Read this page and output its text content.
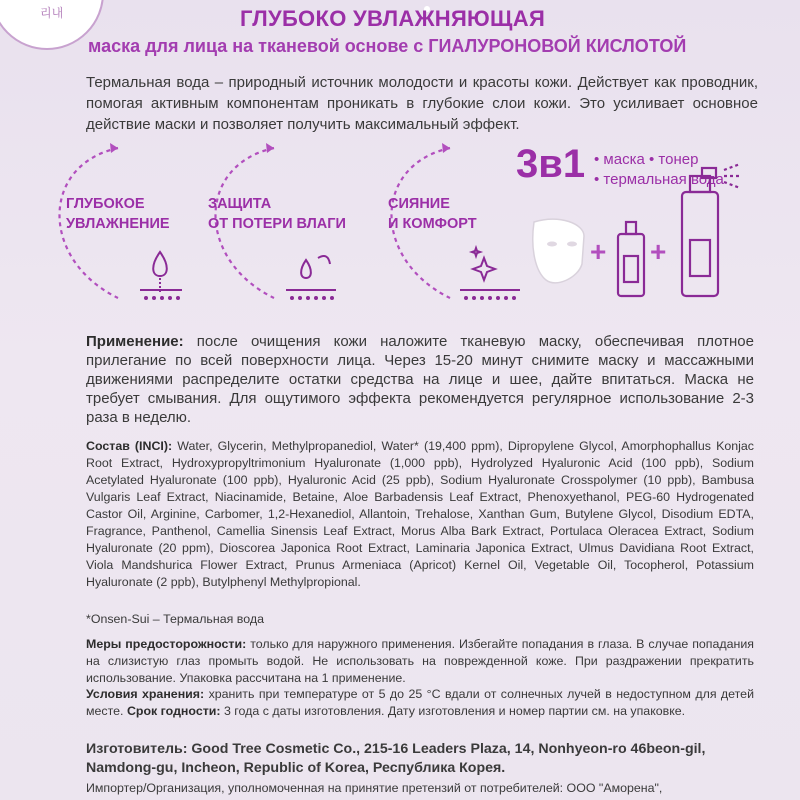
리내	ГЛУБОКО УВЛАЖНЯЮЩАЯ
маска для лица на тканевой основе с ГИАЛУРОНОВОЙ КИСЛОТОЙ
Термальная вода – природный источник молодости и красоты кожи. Действует как проводник, помогая активным компонентам проникать в глубокие слои кожи. Это усиливает основное действие маски и позволяет получить максимальный эффект.
3в1 • маска • тонер
• термальная вода
ГЛУБОКОЕ
УВЛАЖНЕНИЕ
ЗАЩИТА
ОТ ПОТЕРИ ВЛАГИ
СИЯНИЕ
И КОМФОРТ
+ +
Применение: после очищения кожи наложите тканевую маску, обеспечивая плотное прилегание по всей поверхности лица. Через 15-20 минут снимите маску и массажными движениями распределите остатки средства на лице и шее, дайте впитаться. Маска не требует смывания. Для ощутимого эффекта рекомендуется регулярное использование 2-3 раза в неделю.
Состав (INCI): Water, Glycerin, Methylpropanediol, Water* (19,400 ppm), Dipropylene Glycol, Amorphophallus Konjac Root Extract, Hydroxypropyltrimonium Hyaluronate (1,000 ppb), Hydrolyzed Hyaluronic Acid (100 ppb), Sodium Acetylated Hyaluronate (100 ppb), Hyaluronic Acid (25 ppb), Sodium Hyaluronate Crosspolymer (10 ppb), Bambusa Vulgaris Leaf Extract, Niacinamide, Betaine, Aloe Barbadensis Leaf Extract, Phenoxyethanol, PEG-60 Hydrogenated Castor Oil, Arginine, Carbomer, 1,2-Hexanediol, Allantoin, Trehalose, Xanthan Gum, Butylene Glycol, Disodium EDTA, Fragrance, Panthenol, Camellia Sinensis Leaf Extract, Morus Alba Bark Extract, Portulaca Oleracea Extract, Sodium Hyaluronate (20 ppm), Dioscorea Japonica Root Extract, Laminaria Japonica Extract, Ulmus Davidiana Root Extract, Viola Mandshurica Flower Extract, Prunus Armeniaca (Apricot) Kernel Oil, Vegetable Oil, Tocopherol, Potassium Hyaluronate (2 ppb), Butylphenyl Methylpropional.
*Onsen-Sui – Термальная вода
Меры предосторожности: только для наружного применения. Избегайте попадания в глаза. В случае попадания на слизистую глаз промыть водой. Не использовать на поврежденной коже. При раздражении прекратить использование. Упаковка рассчитана на 1 применение.
Условия хранения: хранить при температуре от 5 до 25 °С вдали от солнечных лучей в недоступном для детей месте. Срок годности: 3 года с даты изготовления. Дату изготовления и номер партии см. на упаковке.
Изготовитель: Good Tree Cosmetic Co., 215-16 Leaders Plaza, 14, Nonhyeon-ro 46beon-gil, Namdong-gu, Incheon, Republic of Korea, Республика Корея.
Импортер/Организация, уполномоченная на принятие претензий от потребителей: ООО "Аморена",
